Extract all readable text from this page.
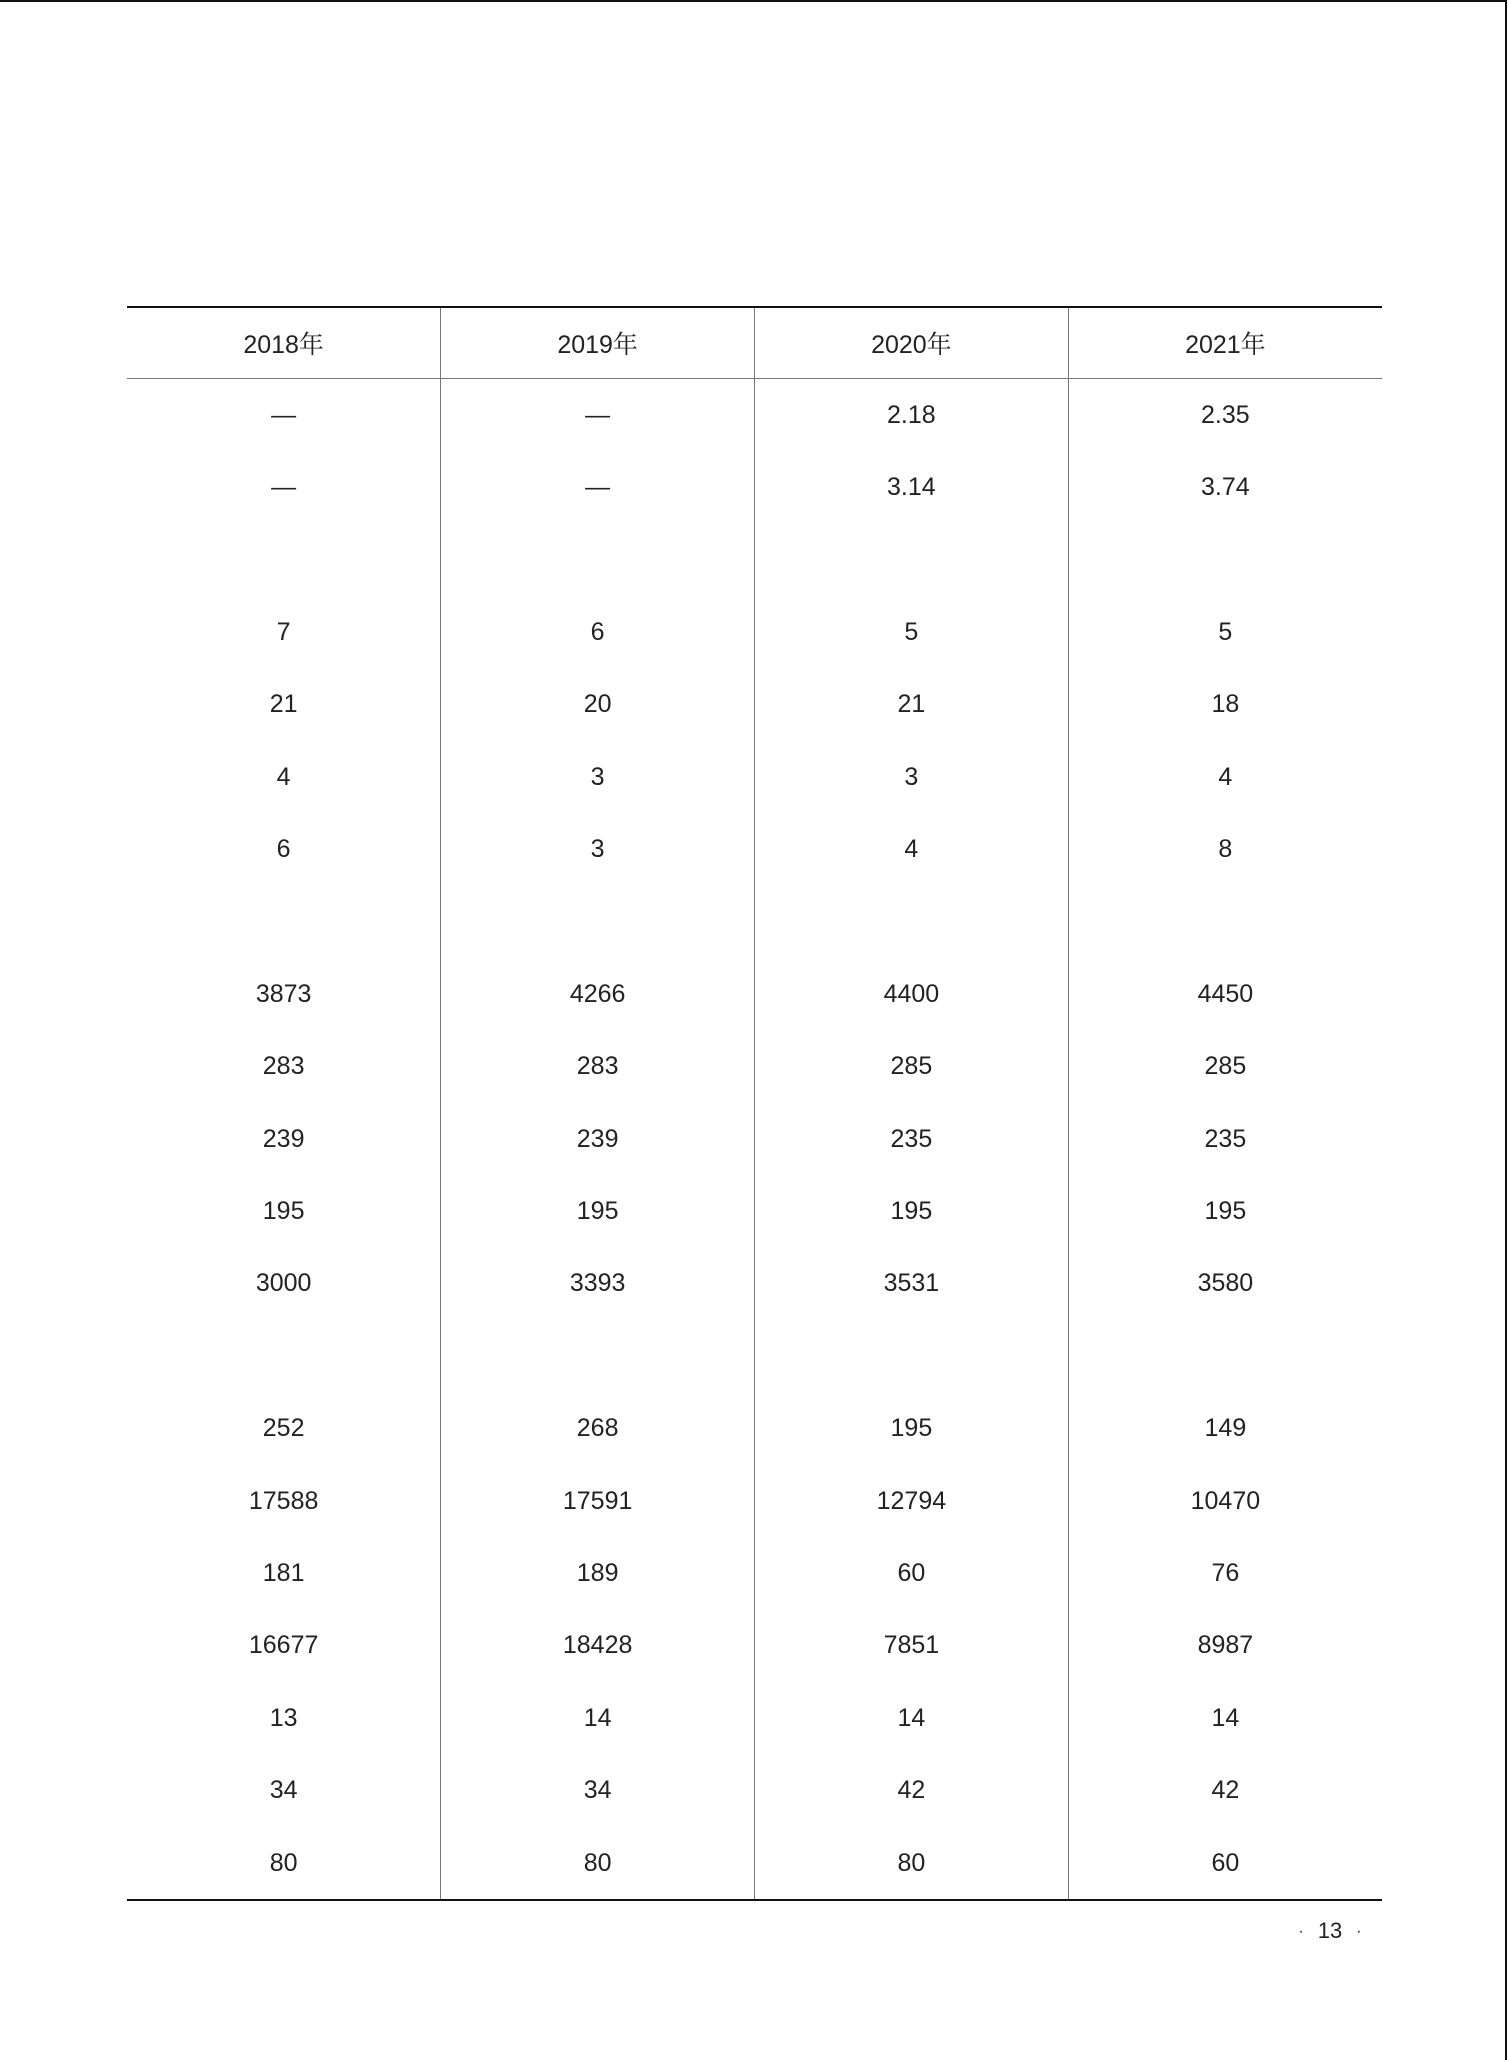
2018年	2019年	2020年	2021年
—	—	2.18	2.35
—	—	3.14	3.74

7	6	5	5
21	20	21	18
4	3	3	4
6	3	4	8

3873	4266	4400	4450
283	283	285	285
239	239	235	235
195	195	195	195
3000	3393	3531	3580

252	268	195	149
17588	17591	12794	10470
181	189	60	76
16677	18428	7851	8987
13	14	14	14
34	34	42	42
80	80	80	60
· 13 ·
